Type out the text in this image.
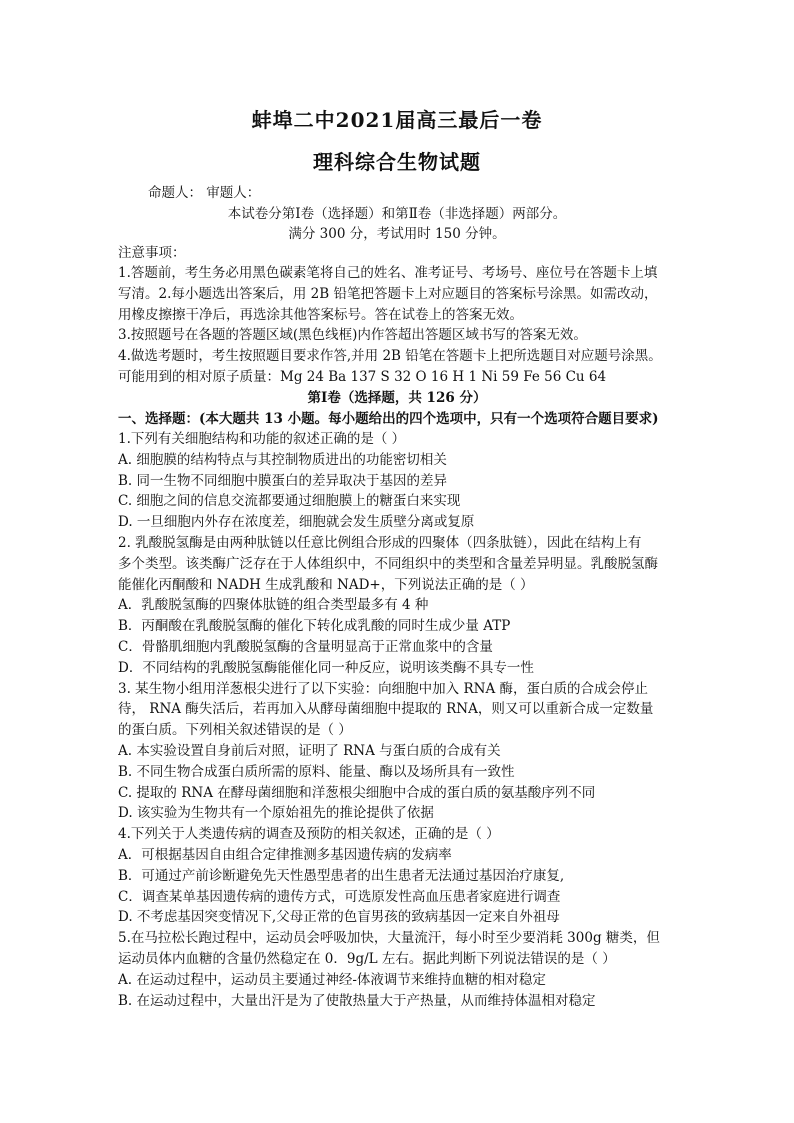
蚌埠二中2021届高三最后一卷
理科综合生物试题
命题人： 审题人：
本试卷分第Ⅰ卷（选择题）和第Ⅱ卷（非选择题）两部分。
满分 300 分，考试用时 150 分钟。
注意事项：
1.答题前，考生务必用黑色碳素笔将自己的姓名、准考证号、考场号、座位号在答题卡上填
写清。2.每小题选出答案后，用 2B 铅笔把答题卡上对应题目的答案标号涂黑。如需改动，
用橡皮擦擦干净后，再选涂其他答案标号。答在试卷上的答案无效。
3.按照题号在各题的答题区域(黑色线框)内作答超出答题区域书写的答案无效。
4.做选考题时，考生按照题目要求作答,并用 2B 铅笔在答题卡上把所选题目对应题号涂黑。
可能用到的相对原子质量：Mg 24 Ba 137 S 32 O 16 H 1 Ni 59 Fe 56 Cu 64
第Ⅰ卷（选择题，共 126 分）
一、选择题：(本大题共 13 小题。每小题给出的四个选项中，只有一个选项符合题目要求)
1.下列有关细胞结构和功能的叙述正确的是（ ）
A. 细胞膜的结构特点与其控制物质进出的功能密切相关
B. 同一生物不同细胞中膜蛋白的差异取决于基因的差异
C. 细胞之间的信息交流都要通过细胞膜上的糖蛋白来实现
D. 一旦细胞内外存在浓度差，细胞就会发生质壁分离或复原
2. 乳酸脱氢酶是由两种肽链以任意比例组合形成的四聚体（四条肽链），因此在结构上有
多个类型。该类酶广泛存在于人体组织中，不同组织中的类型和含量差异明显。乳酸脱氢酶
能催化丙酮酸和 NADH 生成乳酸和 NAD+，下列说法正确的是（ ）
A．乳酸脱氢酶的四聚体肽链的组合类型最多有 4 种
B．丙酮酸在乳酸脱氢酶的催化下转化成乳酸的同时生成少量 ATP
C．骨骼肌细胞内乳酸脱氢酶的含量明显高于正常血浆中的含量
D．不同结构的乳酸脱氢酶能催化同一种反应，说明该类酶不具专一性
3. 某生物小组用洋葱根尖进行了以下实验：向细胞中加入 RNA 酶，蛋白质的合成会停止
待， RNA 酶失活后，若再加入从酵母菌细胞中提取的 RNA，则又可以重新合成一定数量
的蛋白质。下列相关叙述错误的是（ ）
A. 本实验设置自身前后对照，证明了 RNA 与蛋白质的合成有关
B. 不同生物合成蛋白质所需的原料、能量、酶以及场所具有一致性
C. 提取的 RNA 在酵母菌细胞和洋葱根尖细胞中合成的蛋白质的氨基酸序列不同
D. 该实验为生物共有一个原始祖先的推论提供了依据
4.下列关于人类遗传病的调查及预防的相关叙述，正确的是（ ）
A．可根据基因自由组合定律推测多基因遗传病的发病率
B．可通过产前诊断避免先天性愚型患者的出生患者无法通过基因治疗康复,
C．调查某单基因遗传病的遗传方式，可选原发性高血压患者家庭进行调查
D. 不考虑基因突变情况下,父母正常的色盲男孩的致病基因一定来自外祖母
5.在马拉松长跑过程中，运动员会呼吸加快，大量流汗，每小时至少要消耗 300g 糖类，但
运动员体内血糖的含量仍然稳定在 0．9g/L 左右。据此判断下列说法错误的是（ ）
A. 在运动过程中，运动员主要通过神经-体液调节来维持血糖的相对稳定
B. 在运动过程中，大量出汗是为了使散热量大于产热量，从而维持体温相对稳定
